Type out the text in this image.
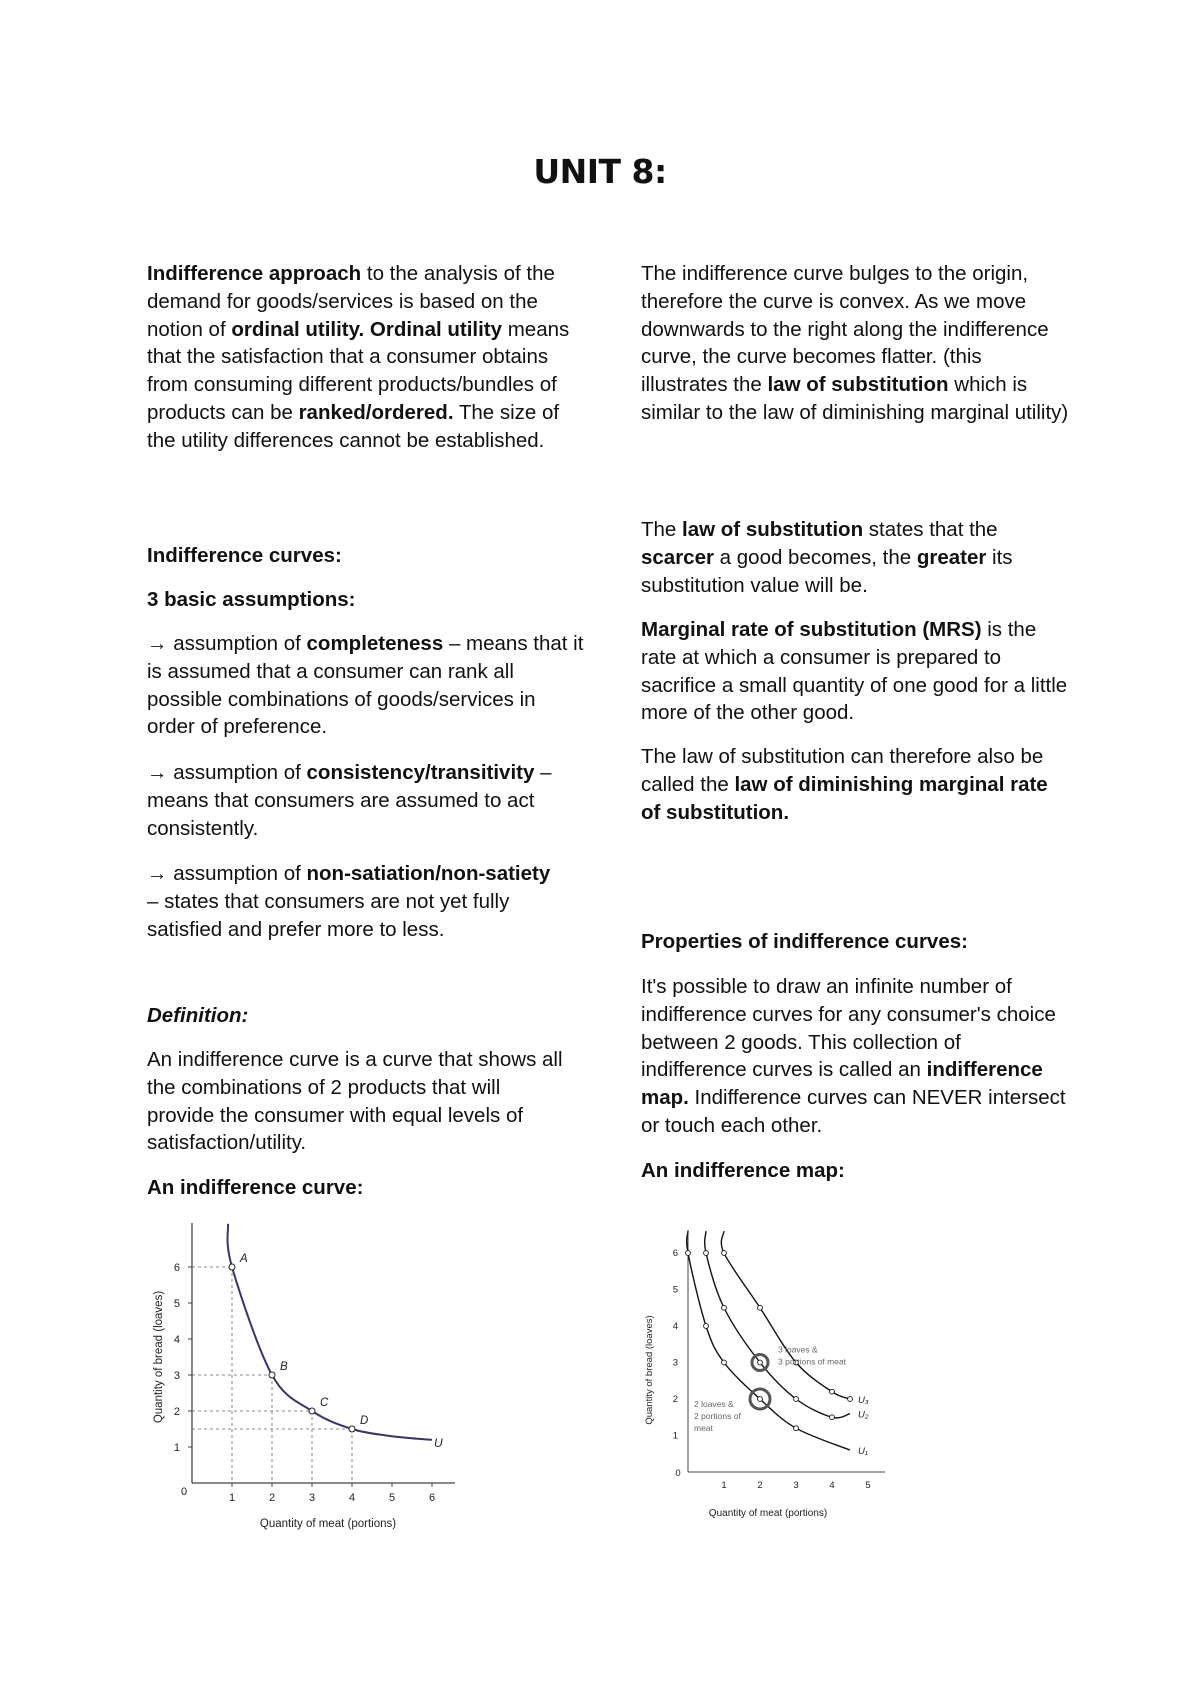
UNIT 8:

Indifference approach to the analysis of the demand for goods/services is based on the notion of ordinal utility. Ordinal utility means that the satisfaction that a consumer obtains from consuming different products/bundles of products can be ranked/ordered. The size of the utility differences cannot be established.

Indifference curves:
3 basic assumptions:

→ assumption of completeness – means that it is assumed that a consumer can rank all possible combinations of goods/services in order of preference.

→ assumption of consistency/transitivity – means that consumers are assumed to act consistently.

→ assumption of non-satiation/non-satiety – states that consumers are not yet fully satisfied and prefer more to less.

Definition:
An indifference curve is a curve that shows all the combinations of 2 products that will provide the consumer with equal levels of satisfaction/utility.
An indifference curve:

The indifference curve bulges to the origin, therefore the curve is convex. As we move downwards to the right along the indifference curve, the curve becomes flatter. (this illustrates the law of substitution which is similar to the law of diminishing marginal utility)

The law of substitution states that the scarcer a good becomes, the greater its substitution value will be.

Marginal rate of substitution (MRS) is the rate at which a consumer is prepared to sacrifice a small quantity of one good for a little more of the other good.

The law of substitution can therefore also be called the law of diminishing marginal rate of substitution.

Properties of indifference curves:

It's possible to draw an infinite number of indifference curves for any consumer's choice between 2 goods. This collection of indifference curves is called an indifference map. Indifference curves can NEVER intersect or touch each other.

An indifference map:
0	1	2	3	4	5	6
1
2
3
4
5
6
A
B
C
D
Quantity of meat (portions)
Quantity of bread (loaves)
U
0
1	2	3	4	5
1
2
3
4
5
6
U₁
U₂
U₃
3 loaves &
3 portions of meat
2 loaves &
2 portions of
meat
Quantity of meat (portions)
Quantity of bread (loaves)
